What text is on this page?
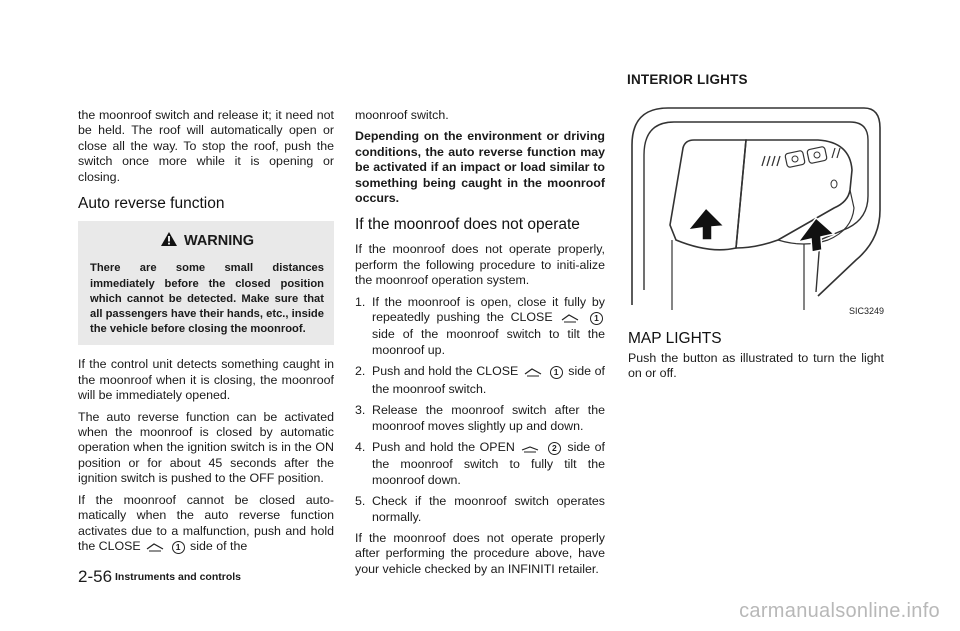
INTERIOR LIGHTS

the moonroof switch and release it; it need not be held. The roof will automatically open or close all the way. To stop the roof, push the switch once more while it is opening or closing.

Auto reverse function
WARNING

There are some small distances immediately before the closed position which cannot be detected. Make sure that all passengers have their hands, etc., inside the vehicle before closing the moonroof.

If the control unit detects something caught in the moonroof when it is closing, the moonroof will be immediately opened.

The auto reverse function can be activated when the moonroof is closed by automatic operation when the ignition switch is in the ON position or for about 45 seconds after the ignition switch is pushed to the OFF position.

If the moonroof cannot be closed auto-matically when the auto reverse function activates due to a malfunction, push and hold the CLOSE	1 side of the

moonroof switch.

Depending on the environment or driving conditions, the auto reverse function may be activated if an impact or load similar to something being caught in the moonroof occurs.

If the moonroof does not operate

If the moonroof does not operate properly, perform the following procedure to initi-alize the moonroof operation system.

1. If the moonroof is open, close it fully by repeatedly pushing the CLOSE	1 side of the moonroof switch to tilt the moonroof up.
2. Push and hold the CLOSE	1 side of the moonroof switch.
3. Release the moonroof switch after the moonroof moves slightly up and down.
4. Push and hold the OPEN	2 side of the moonroof switch to fully tilt the moonroof down.
5. Check if the moonroof switch operates normally.

If the moonroof does not operate properly after performing the procedure above, have your vehicle checked by an INFINITI retailer.

SIC3249
MAP LIGHTS

Push the button as illustrated to turn the light on or off.

2-56 Instruments and controls
carmanualsonline.info
